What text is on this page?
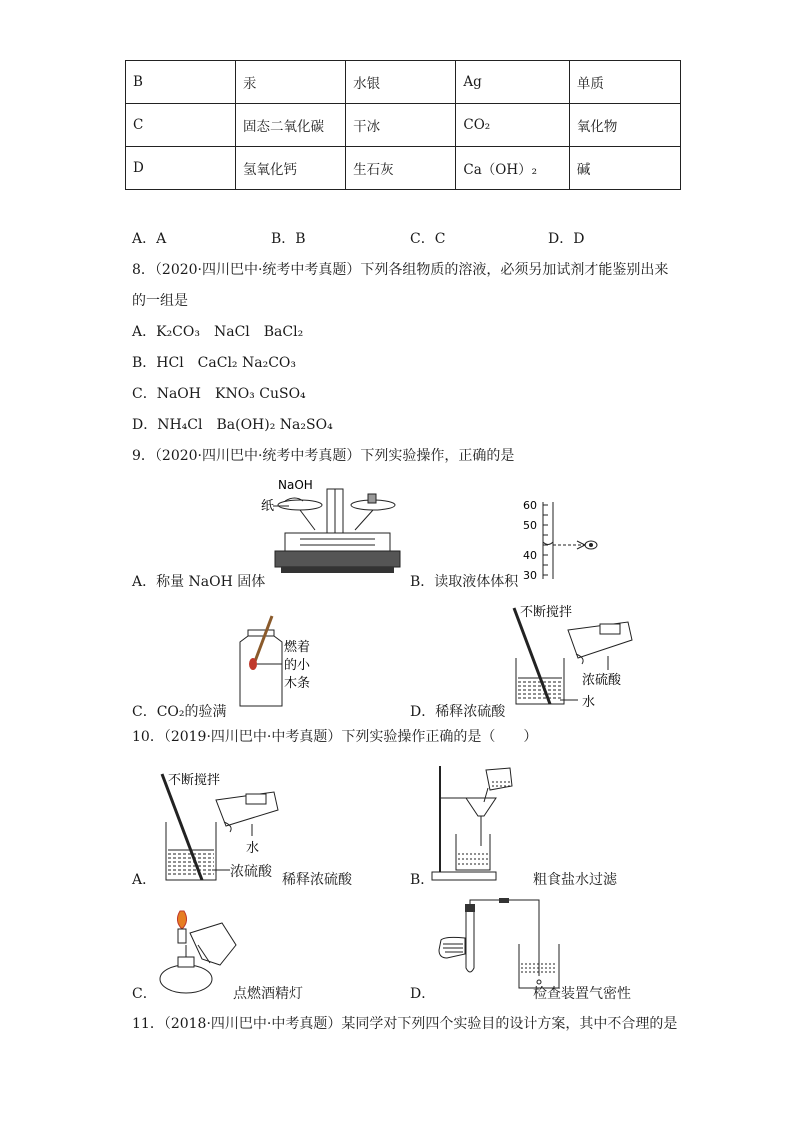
B	汞	水银	Ag	单质
C	固态二氧化碳	干冰	CO₂	氧化物
D	氢氧化钙	生石灰	Ca（OH）₂	碱
A．A	B．B	C．C	D．D
8．（2020·四川巴中·统考中考真题）下列各组物质的溶液，必须另加试剂才能鉴别出来
的一组是
A．K₂CO₃　NaCl　BaCl₂
B．HCl　CaCl₂ Na₂CO₃
C．NaOH　KNO₃ CuSO₄
D．NH₄Cl　Ba(OH)₂ Na₂SO₄
9．（2020·四川巴中·统考中考真题）下列实验操作，正确的是
NaOH
纸
A．称量 NaOH 固体
60
50
40
30
B．读取液体体积
燃着
的小
木条
C．CO₂的验满
不断搅拌
浓硫酸
水
D．稀释浓硫酸
10．（2019·四川巴中·中考真题）下列实验操作正确的是（　　）
不断搅拌
水
浓硫酸
A．	稀释浓硫酸	B．	粗食盐水过滤
C．	点燃酒精灯	D．	检查装置气密性
11．（2018·四川巴中·中考真题）某同学对下列四个实验目的设计方案，其中不合理的是
